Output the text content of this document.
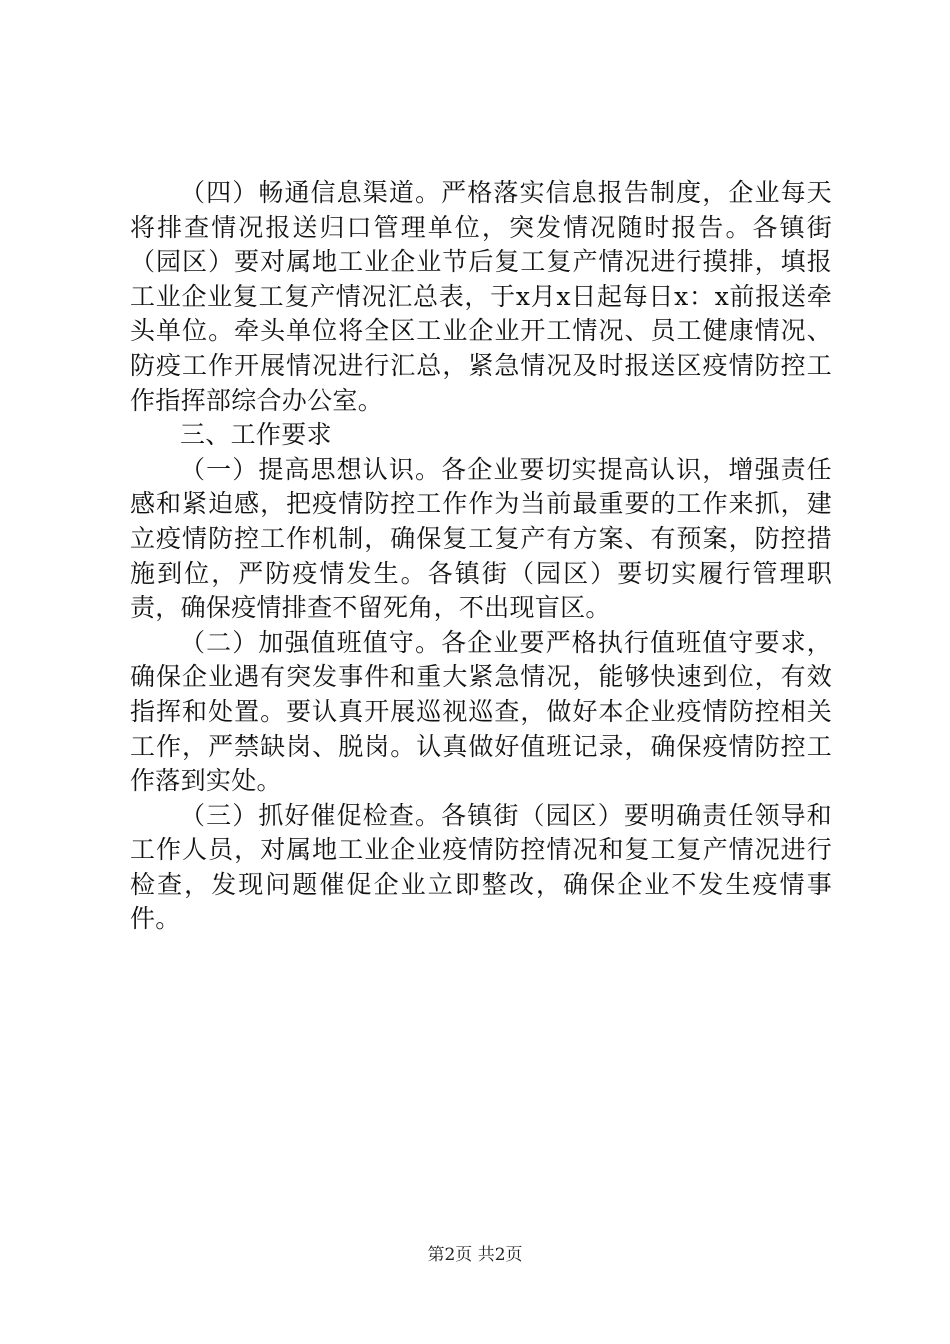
（四）畅通信息渠道。严格落实信息报告制度，企业每天将排查情况报送归口管理单位，突发情况随时报告。各镇街（园区）要对属地工业企业节后复工复产情况进行摸排，填报工业企业复工复产情况汇总表，于x月x日起每日x：x前报送牵头单位。牵头单位将全区工业企业开工情况、员工健康情况、防疫工作开展情况进行汇总，紧急情况及时报送区疫情防控工作指挥部综合办公室。

三、工作要求

（一）提高思想认识。各企业要切实提高认识，增强责任感和紧迫感，把疫情防控工作作为当前最重要的工作来抓，建立疫情防控工作机制，确保复工复产有方案、有预案，防控措施到位，严防疫情发生。各镇街（园区）要切实履行管理职责，确保疫情排查不留死角，不出现盲区。

（二）加强值班值守。各企业要严格执行值班值守要求，确保企业遇有突发事件和重大紧急情况，能够快速到位，有效指挥和处置。要认真开展巡视巡查，做好本企业疫情防控相关工作，严禁缺岗、脱岗。认真做好值班记录，确保疫情防控工作落到实处。

（三）抓好催促检查。各镇街（园区）要明确责任领导和工作人员，对属地工业企业疫情防控情况和复工复产情况进行检查，发现问题催促企业立即整改，确保企业不发生疫情事件。

第2页 共2页
